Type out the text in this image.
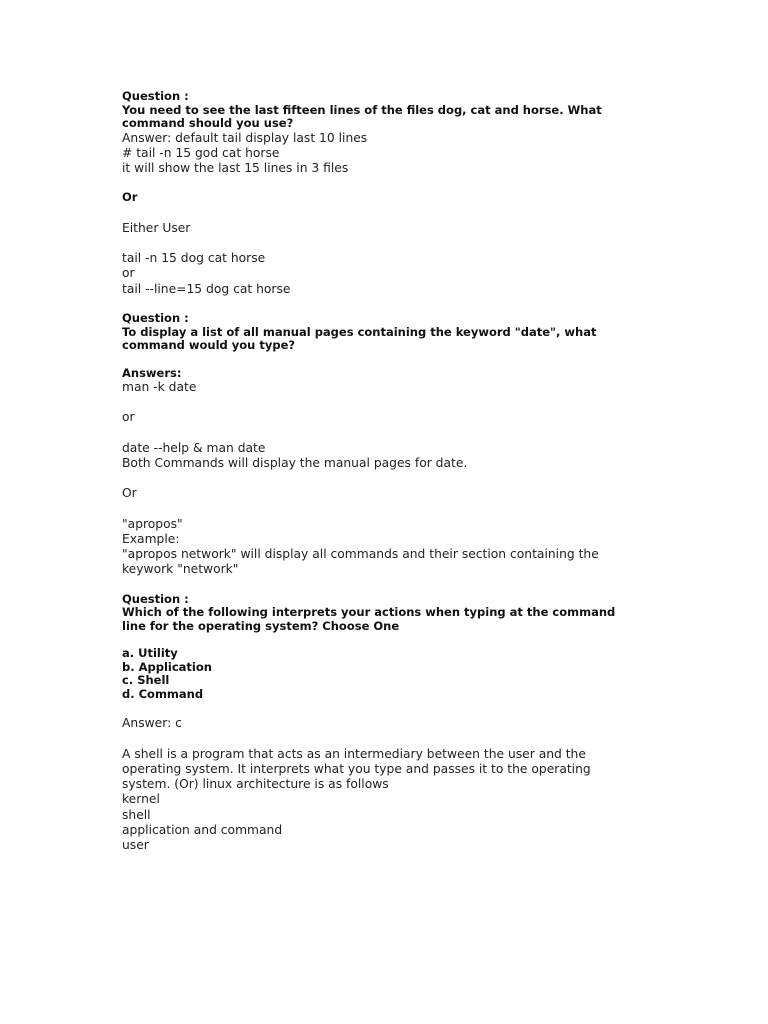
Question :
You need to see the last fifteen lines of the files dog, cat and horse. What command should you use?
Answer: default tail display last 10 lines
# tail -n 15 god cat horse
it will show the last 15 lines in 3 files
Or
Either User
tail -n 15 dog cat horse
or
tail --line=15 dog cat horse
Question :
To display a list of all manual pages containing the keyword "date", what command would you type?
Answers:
man -k date
or
date --help & man date
Both Commands will display the manual pages for date.
Or
"apropos"
Example:
"apropos network" will display all commands and their section containing the keywork "network"
Question :
Which of the following interprets your actions when typing at the command line for the operating system? Choose One
a. Utility
b. Application
c. Shell
d. Command
Answer: c
A shell is a program that acts as an intermediary between the user and the operating system. It interprets what you type and passes it to the operating system. (Or) linux architecture is as follows
kernel
shell
application and command
user
